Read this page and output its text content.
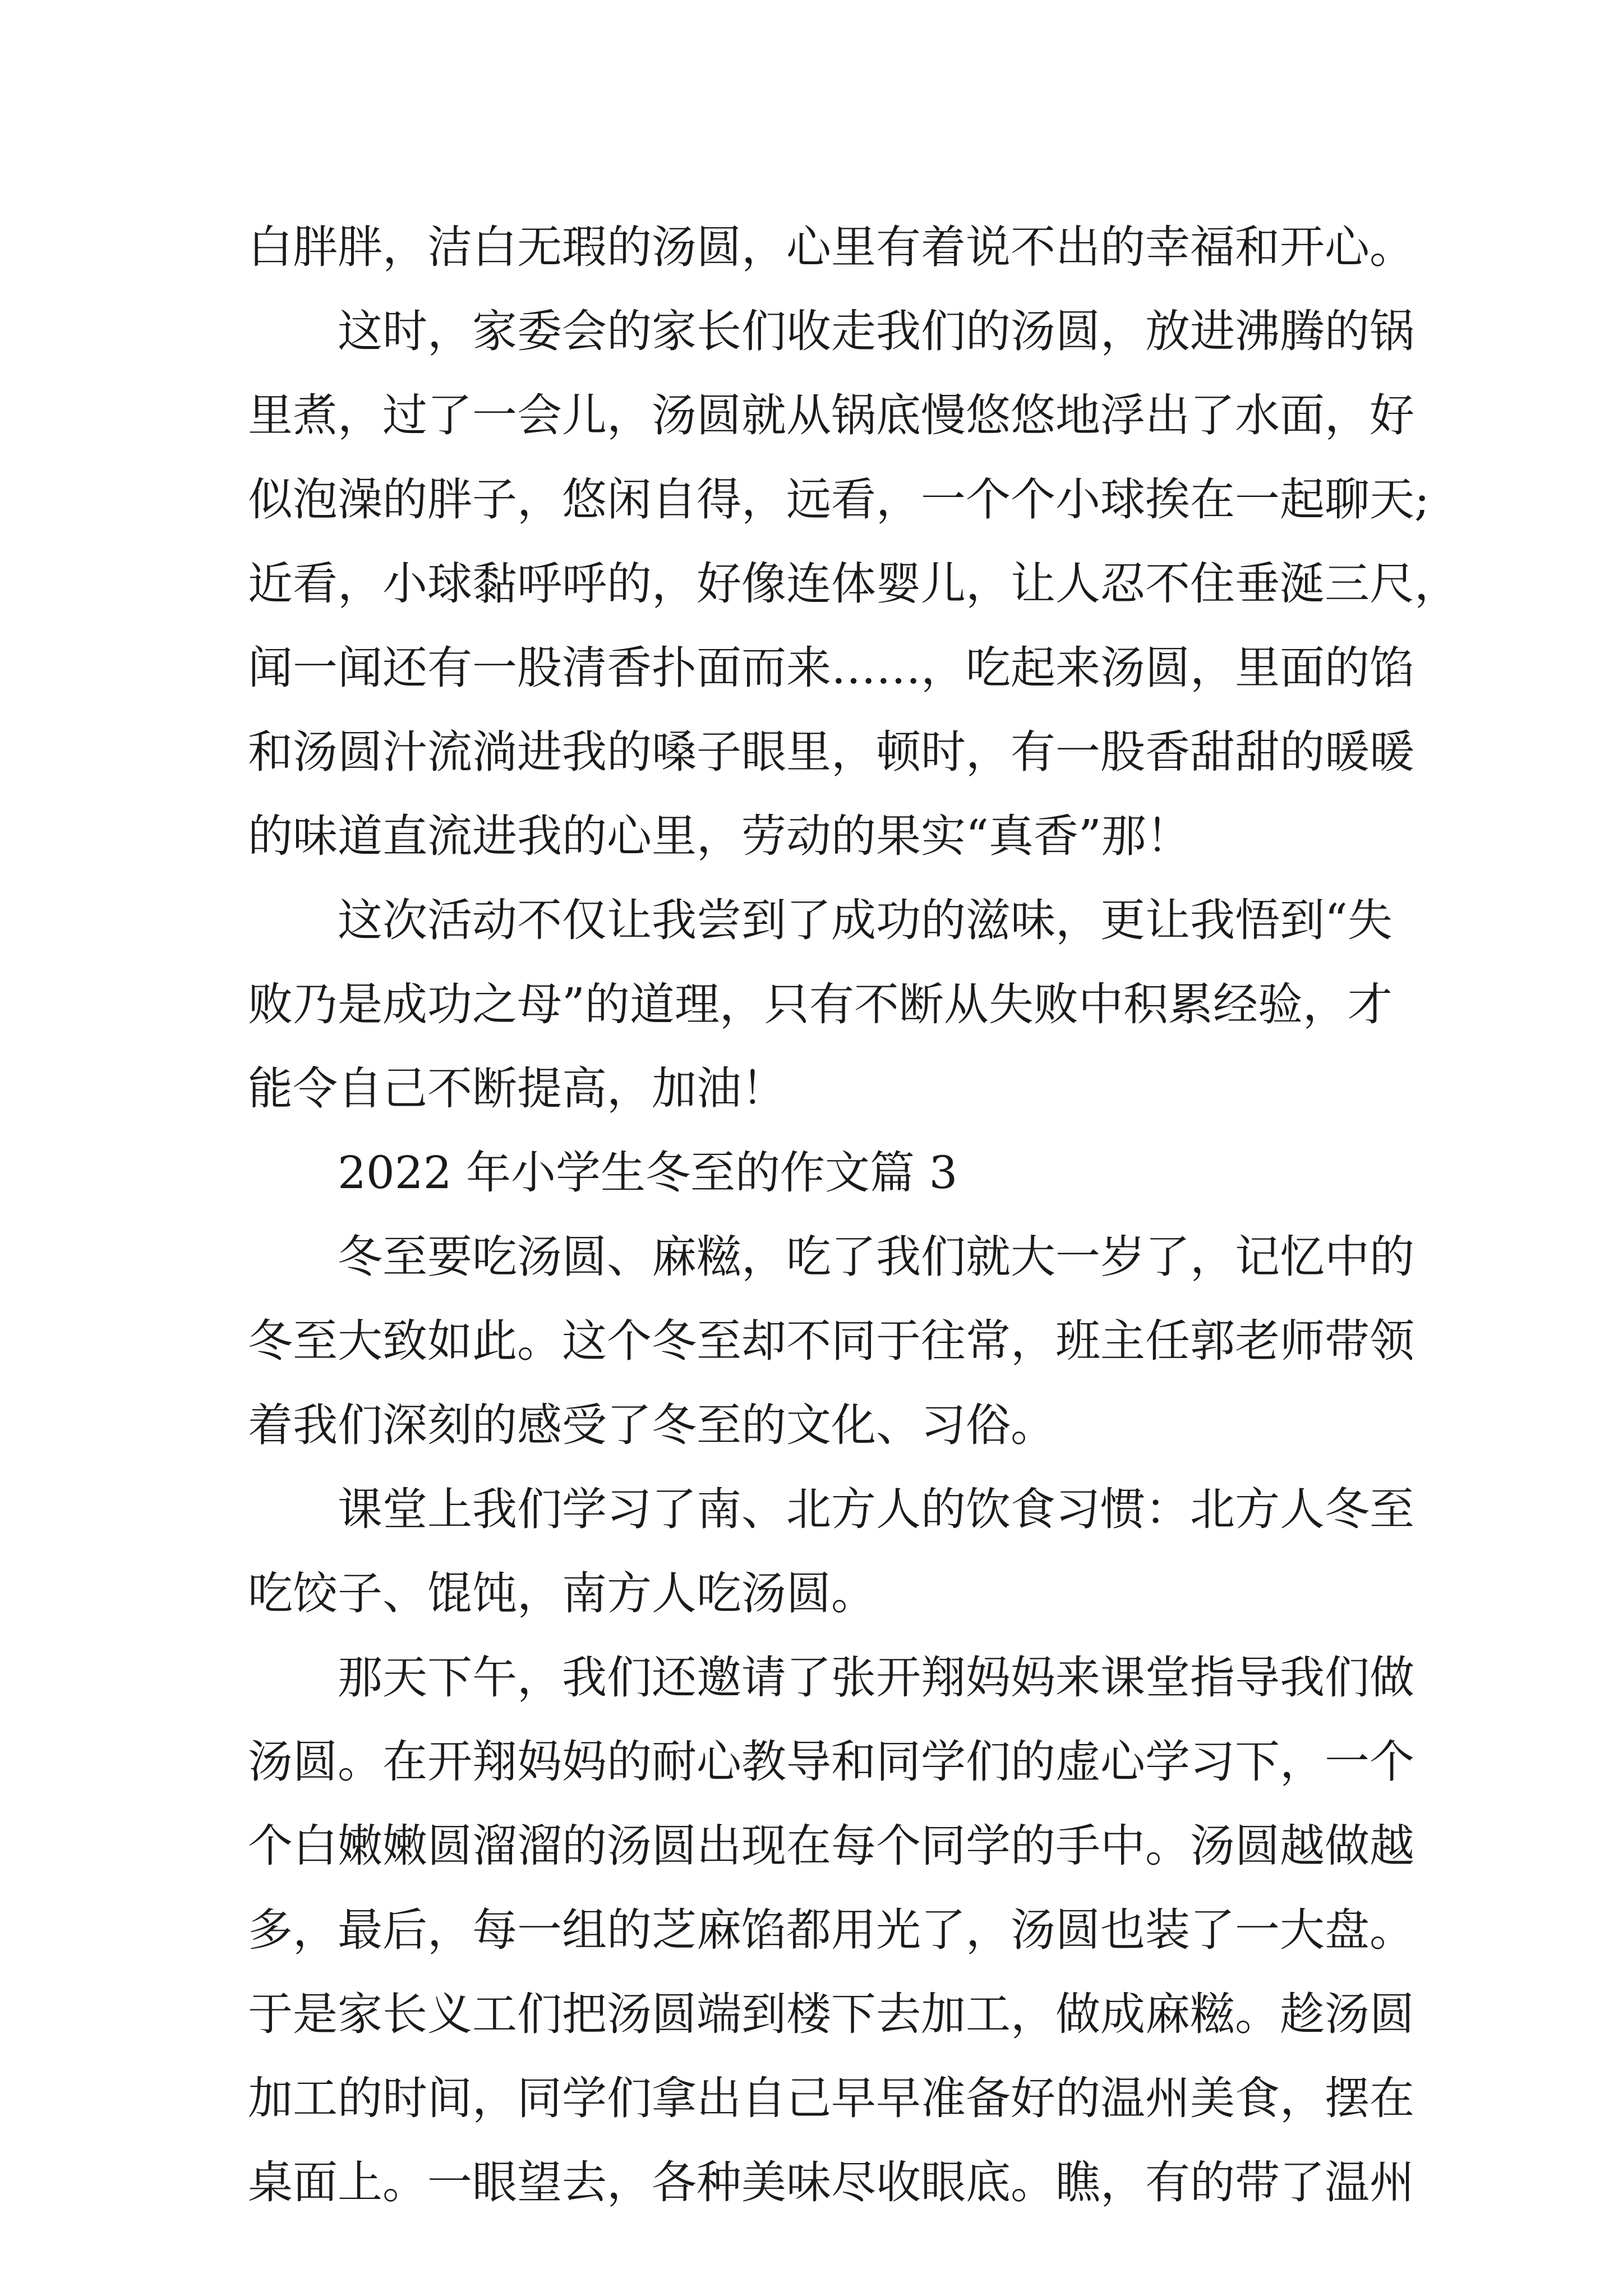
白胖胖，洁白无瑕的汤圆，心里有着说不出的幸福和开心。
这时，家委会的家长们收走我们的汤圆，放进沸腾的锅
里煮，过了一会儿，汤圆就从锅底慢悠悠地浮出了水面，好
似泡澡的胖子，悠闲自得，远看，一个个小球挨在一起聊天;
近看，小球黏呼呼的，好像连体婴儿，让人忍不住垂涎三尺，
闻一闻还有一股清香扑面而来……，吃起来汤圆，里面的馅
和汤圆汁流淌进我的嗓子眼里，顿时，有一股香甜甜的暖暖
的味道直流进我的心里，劳动的果实“真香”那！
这次活动不仅让我尝到了成功的滋味，更让我悟到“失
败乃是成功之母”的道理，只有不断从失败中积累经验，才
能令自己不断提高，加油！
2022 年小学生冬至的作文篇 3
冬至要吃汤圆、麻糍，吃了我们就大一岁了，记忆中的
冬至大致如此。这个冬至却不同于往常，班主任郭老师带领
着我们深刻的感受了冬至的文化、习俗。
课堂上我们学习了南、北方人的饮食习惯：北方人冬至
吃饺子、馄饨，南方人吃汤圆。
那天下午，我们还邀请了张开翔妈妈来课堂指导我们做
汤圆。在开翔妈妈的耐心教导和同学们的虚心学习下，一个
个白嫩嫩圆溜溜的汤圆出现在每个同学的手中。汤圆越做越
多，最后，每一组的芝麻馅都用光了，汤圆也装了一大盘。
于是家长义工们把汤圆端到楼下去加工，做成麻糍。趁汤圆
加工的时间，同学们拿出自己早早准备好的温州美食，摆在
桌面上。一眼望去，各种美味尽收眼底。瞧，有的带了温州
